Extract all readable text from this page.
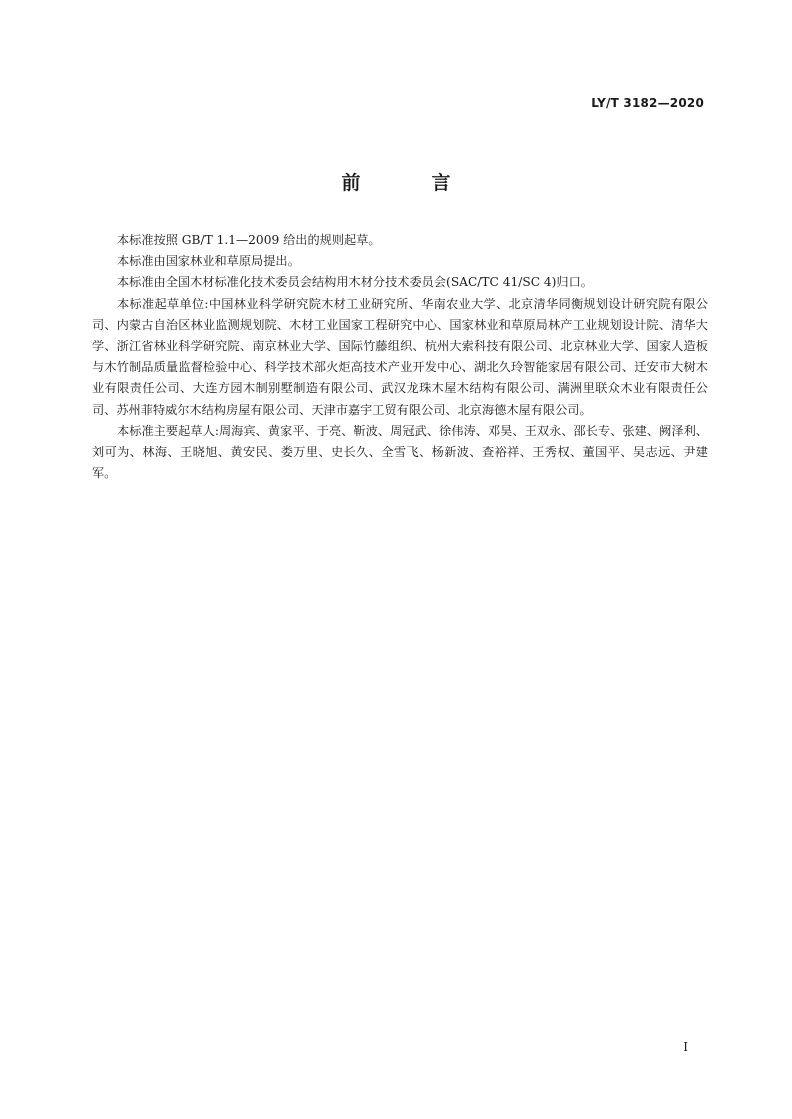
LY/T 3182—2020
前　言

本标准按照 GB/T 1.1—2009 给出的规则起草。

本标准由国家林业和草原局提出。

本标准由全国木材标准化技术委员会结构用木材分技术委员会(SAC/TC 41/SC 4)归口。

本标准起草单位:中国林业科学研究院木材工业研究所、华南农业大学、北京清华同衡规划设计研究院有限公司、内蒙古自治区林业监测规划院、木材工业国家工程研究中心、国家林业和草原局林产工业规划设计院、清华大学、浙江省林业科学研究院、南京林业大学、国际竹藤组织、杭州大索科技有限公司、北京林业大学、国家人造板与木竹制品质量监督检验中心、科学技术部火炬高技术产业开发中心、湖北久玲智能家居有限公司、迁安市大树木业有限责任公司、大连方园木制别墅制造有限公司、武汉龙珠木屋木结构有限公司、满洲里联众木业有限责任公司、苏州菲特威尔木结构房屋有限公司、天津市嘉宇工贸有限公司、北京海德木屋有限公司。

本标准主要起草人:周海宾、黄家平、于亮、靳波、周冠武、徐伟涛、邓昊、王双永、邵长专、张建、阙泽利、刘可为、林海、王晓旭、黄安民、娄万里、史长久、全雪飞、杨新波、查裕祥、王秀权、董国平、吴志远、尹建军。

I
